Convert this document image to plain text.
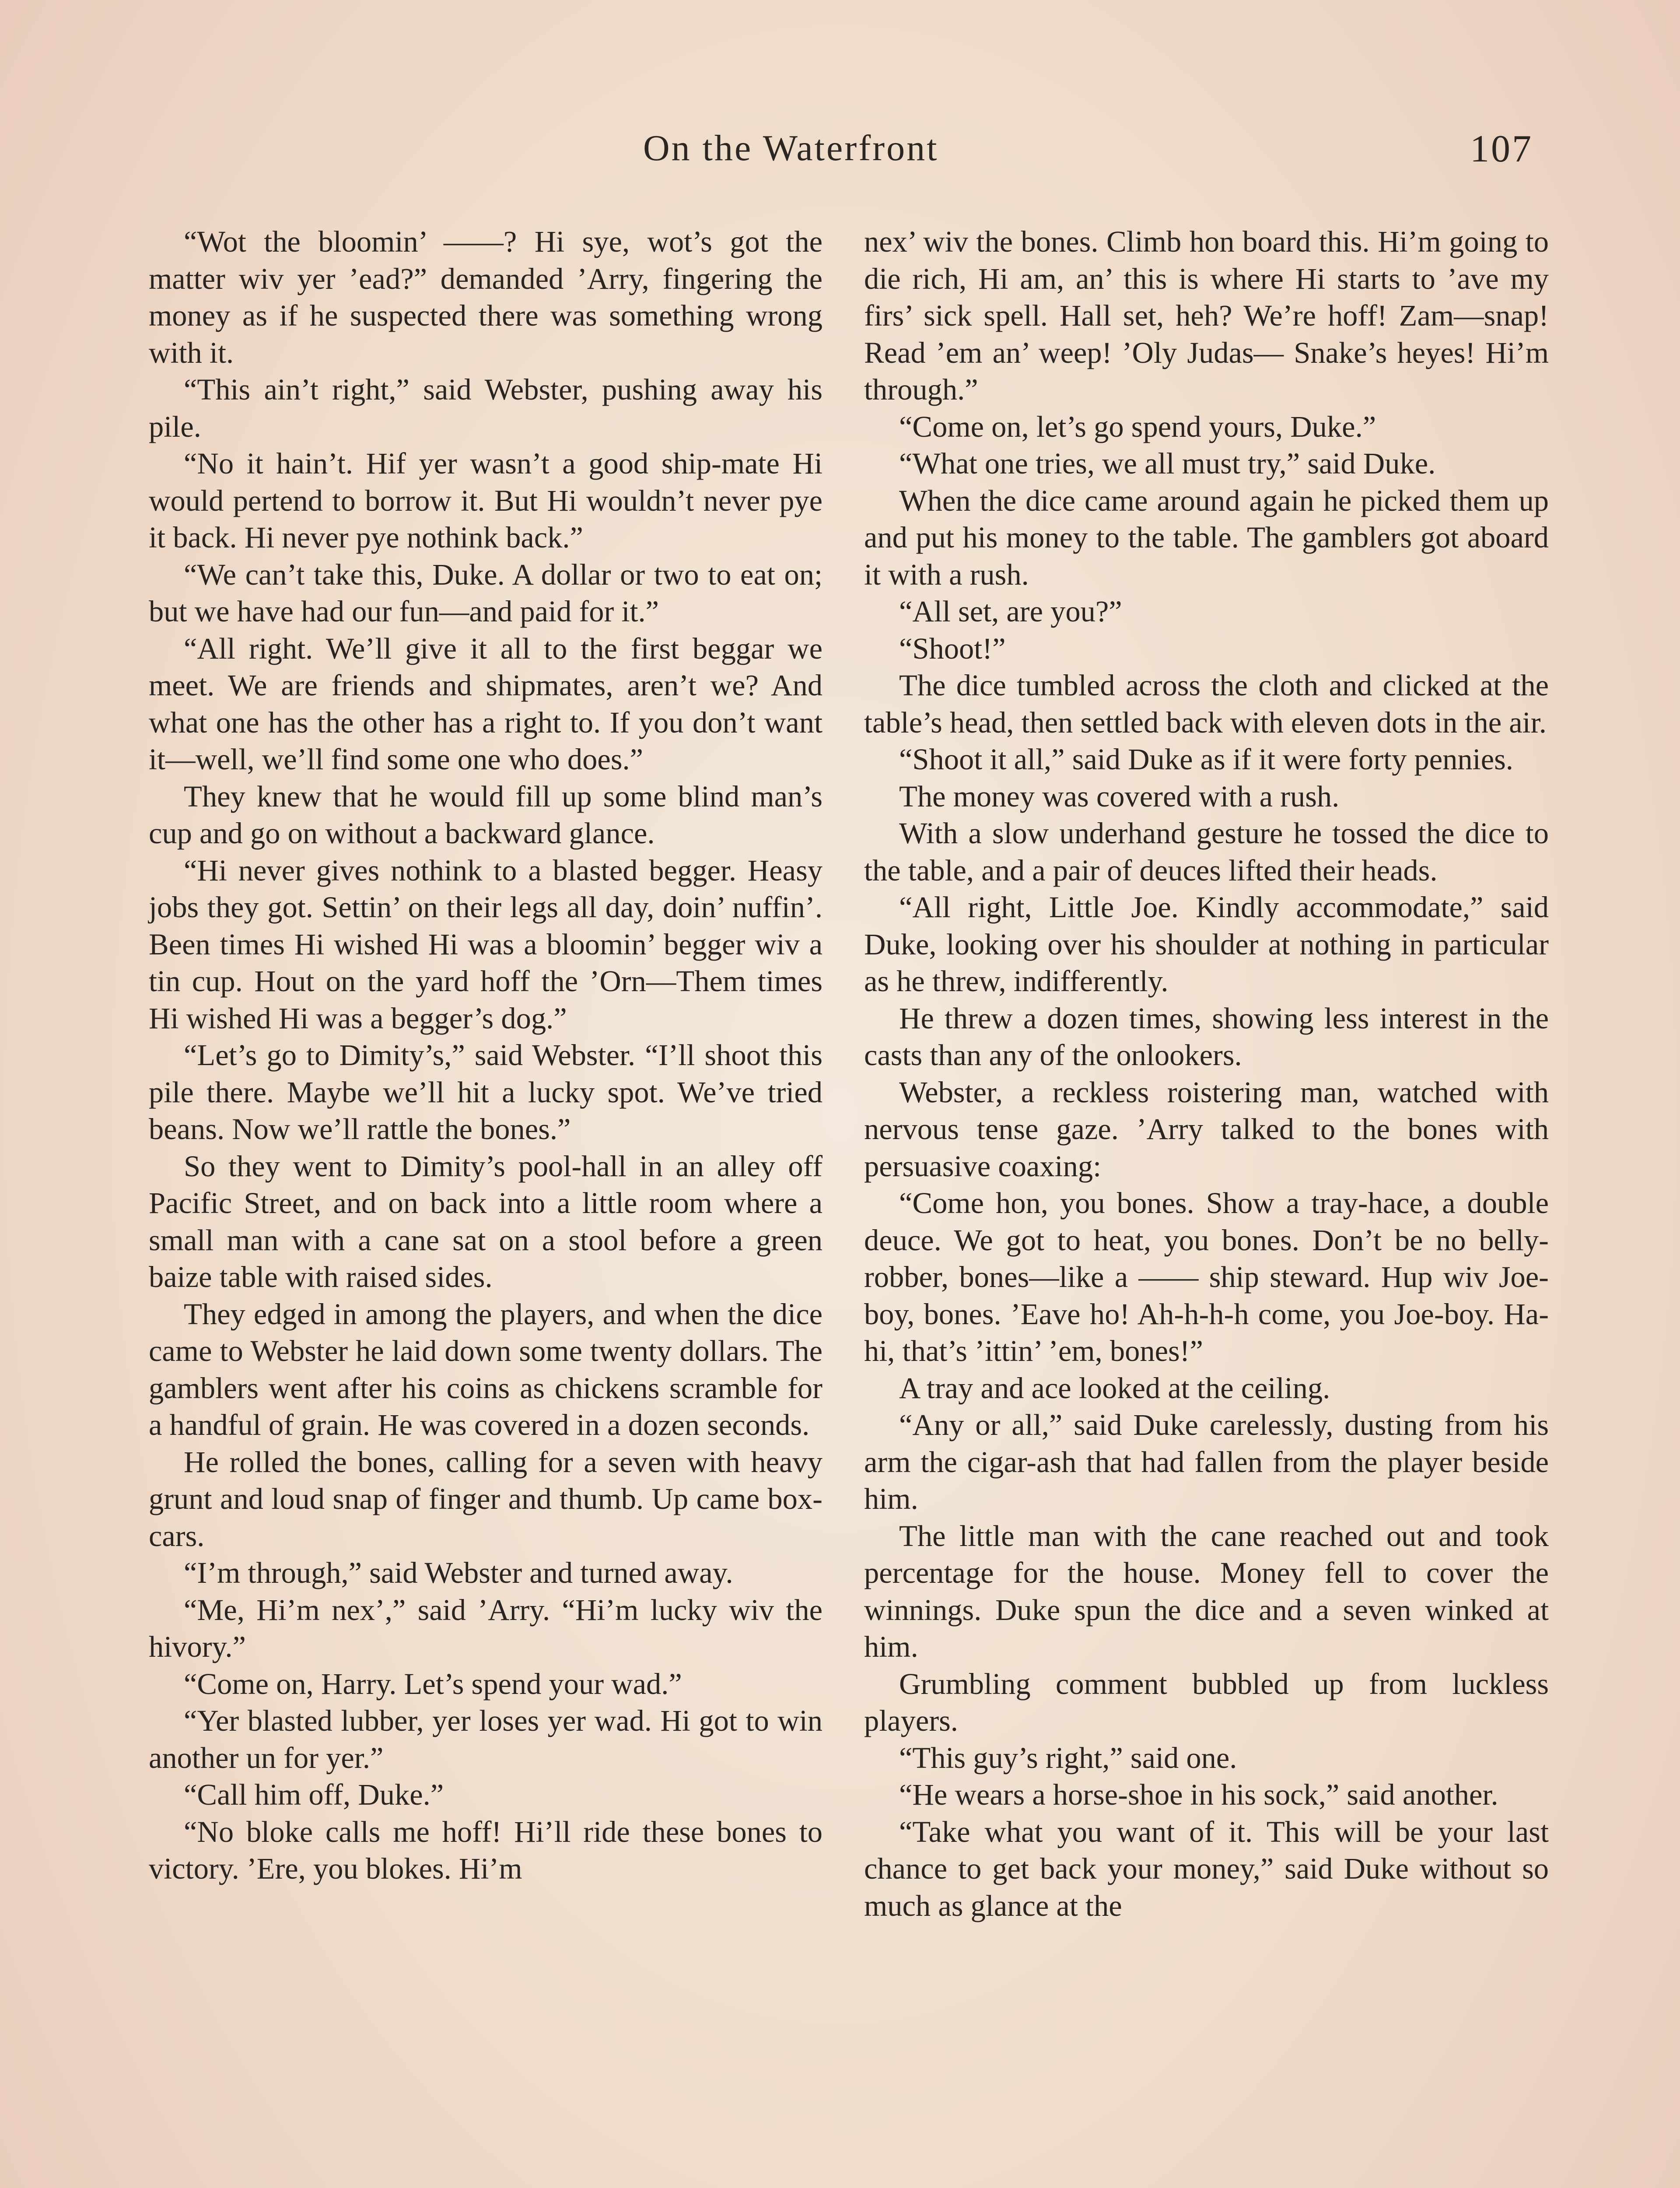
On the Waterfront	107

“Wot the bloomin’ ——? Hi sye, wot’s got the matter wiv yer ’ead?” demanded ’Arry, fingering the money as if he suspected there was something wrong with it.

“This ain’t right,” said Webster, pushing away his pile.

“No it hain’t. Hif yer wasn’t a good ship-mate Hi would pertend to borrow it. But Hi wouldn’t never pye it back. Hi never pye nothink back.”

“We can’t take this, Duke. A dollar or two to eat on; but we have had our fun—and paid for it.”

“All right. We’ll give it all to the first beggar we meet. We are friends and shipmates, aren’t we? And what one has the other has a right to. If you don’t want it—well, we’ll find some one who does.”

They knew that he would fill up some blind man’s cup and go on without a backward glance.

“Hi never gives nothink to a blasted begger. Heasy jobs they got. Settin’ on their legs all day, doin’ nuffin’. Been times Hi wished Hi was a bloomin’ begger wiv a tin cup. Hout on the yard hoff the ’Orn—Them times Hi wished Hi was a begger’s dog.”

“Let’s go to Dimity’s,” said Webster. “I’ll shoot this pile there. Maybe we’ll hit a lucky spot. We’ve tried beans. Now we’ll rattle the bones.”

So they went to Dimity’s pool-hall in an alley off Pacific Street, and on back into a little room where a small man with a cane sat on a stool before a green baize table with raised sides.

They edged in among the players, and when the dice came to Webster he laid down some twenty dollars. The gamblers went after his coins as chickens scramble for a handful of grain. He was covered in a dozen seconds.

He rolled the bones, calling for a seven with heavy grunt and loud snap of finger and thumb. Up came box-cars.

“I’m through,” said Webster and turned away.

“Me, Hi’m nex’,” said ’Arry. “Hi’m lucky wiv the hivory.”

“Come on, Harry. Let’s spend your wad.”

“Yer blasted lubber, yer loses yer wad. Hi got to win another un for yer.”

“Call him off, Duke.”

“No bloke calls me hoff! Hi’ll ride these bones to victory. ’Ere, you blokes. Hi’m

nex’ wiv the bones. Climb hon board this. Hi’m going to die rich, Hi am, an’ this is where Hi starts to ’ave my firs’ sick spell. Hall set, heh? We’re hoff! Zam—snap! Read ’em an’ weep! ’Oly Judas— Snake’s heyes! Hi’m through.”

“Come on, let’s go spend yours, Duke.”

“What one tries, we all must try,” said Duke.

When the dice came around again he picked them up and put his money to the table. The gamblers got aboard it with a rush.

“All set, are you?”

“Shoot!”

The dice tumbled across the cloth and clicked at the table’s head, then settled back with eleven dots in the air.

“Shoot it all,” said Duke as if it were forty pennies.

The money was covered with a rush.

With a slow underhand gesture he tossed the dice to the table, and a pair of deuces lifted their heads.

“All right, Little Joe. Kindly accommodate,” said Duke, looking over his shoulder at nothing in particular as he threw, indifferently.

He threw a dozen times, showing less interest in the casts than any of the onlookers.

Webster, a reckless roistering man, watched with nervous tense gaze. ’Arry talked to the bones with persuasive coaxing:

“Come hon, you bones. Show a tray-hace, a double deuce. We got to heat, you bones. Don’t be no belly-robber, bones—like a —— ship steward. Hup wiv Joe-boy, bones. ’Eave ho! Ah-h-h-h come, you Joe-boy. Ha-hi, that’s ’ittin’ ’em, bones!”

A tray and ace looked at the ceiling.

“Any or all,” said Duke carelessly, dusting from his arm the cigar-ash that had fallen from the player beside him.

The little man with the cane reached out and took percentage for the house. Money fell to cover the winnings. Duke spun the dice and a seven winked at him.

Grumbling comment bubbled up from luckless players.

“This guy’s right,” said one.

“He wears a horse-shoe in his sock,” said another.

“Take what you want of it. This will be your last chance to get back your money,” said Duke without so much as glance at the
